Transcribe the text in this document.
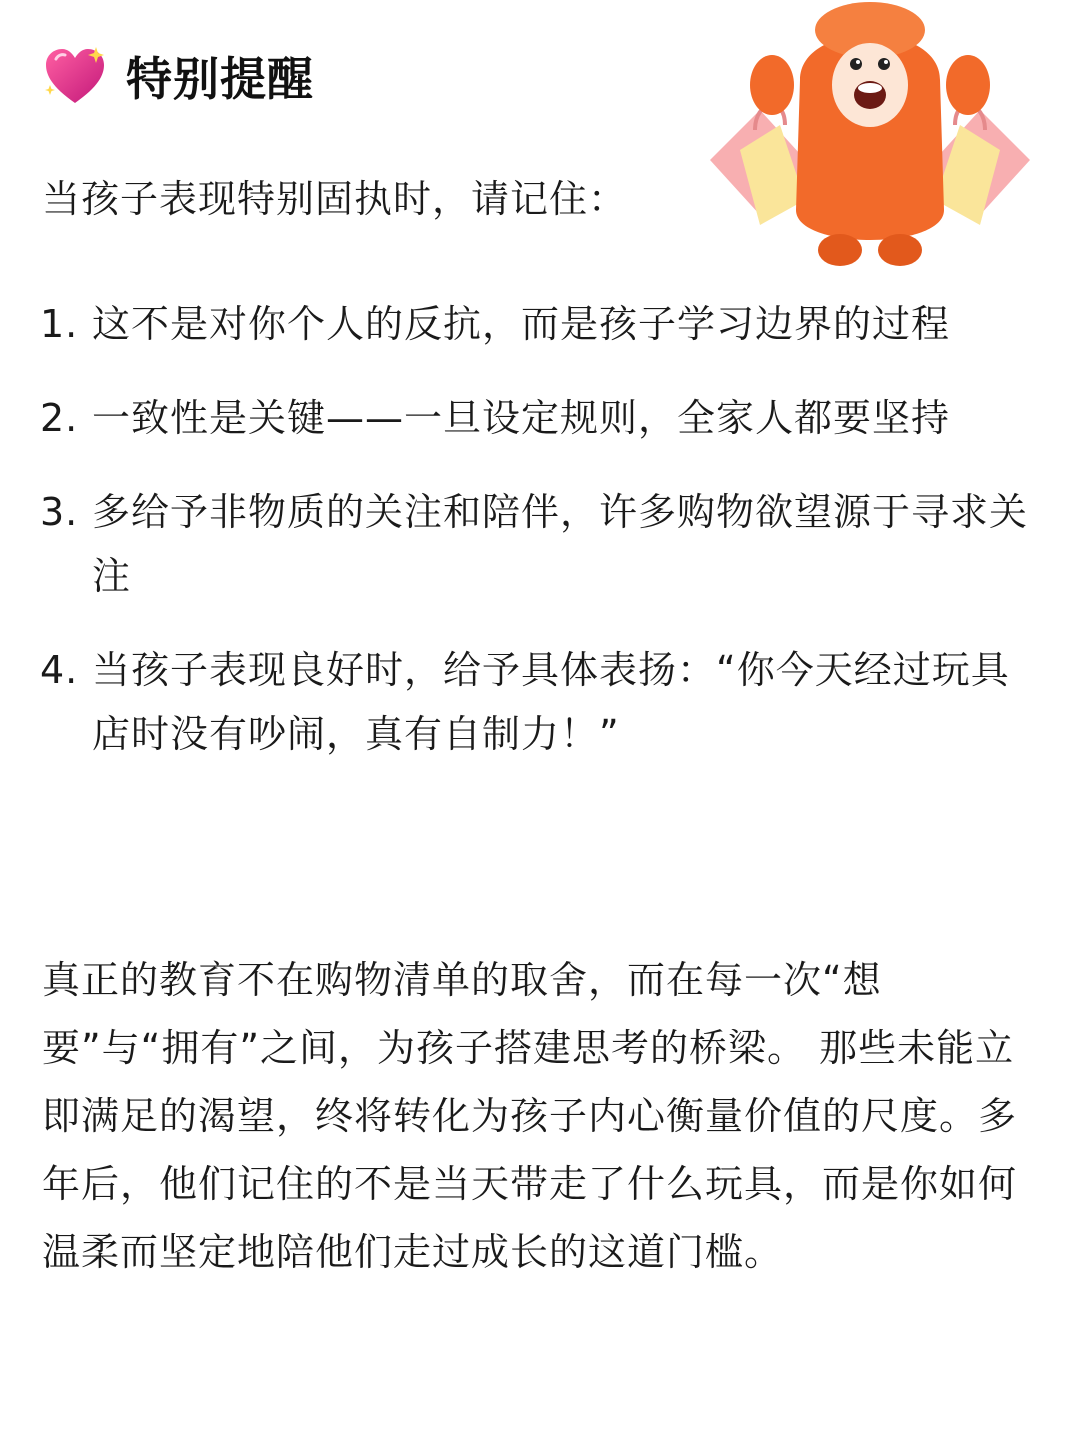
特别提醒
当孩子表现特别固执时，请记住：
1. 这不是对你个人的反抗，而是孩子学习边界的过程
2. 一致性是关键——一旦设定规则，全家人都要坚持
3. 多给予非物质的关注和陪伴，许多购物欲望源于寻求关注
4. 当孩子表现良好时，给予具体表扬：“你今天经过玩具店时没有吵闹，真有自制力！”

真正的教育不在购物清单的取舍，而在每一次“想要”与“拥有”之间，为孩子搭建思考的桥梁。 那些未能立即满足的渴望，终将转化为孩子内心衡量价值的尺度。多年后，他们记住的不是当天带走了什么玩具，而是你如何温柔而坚定地陪他们走过成长的这道门槛。
